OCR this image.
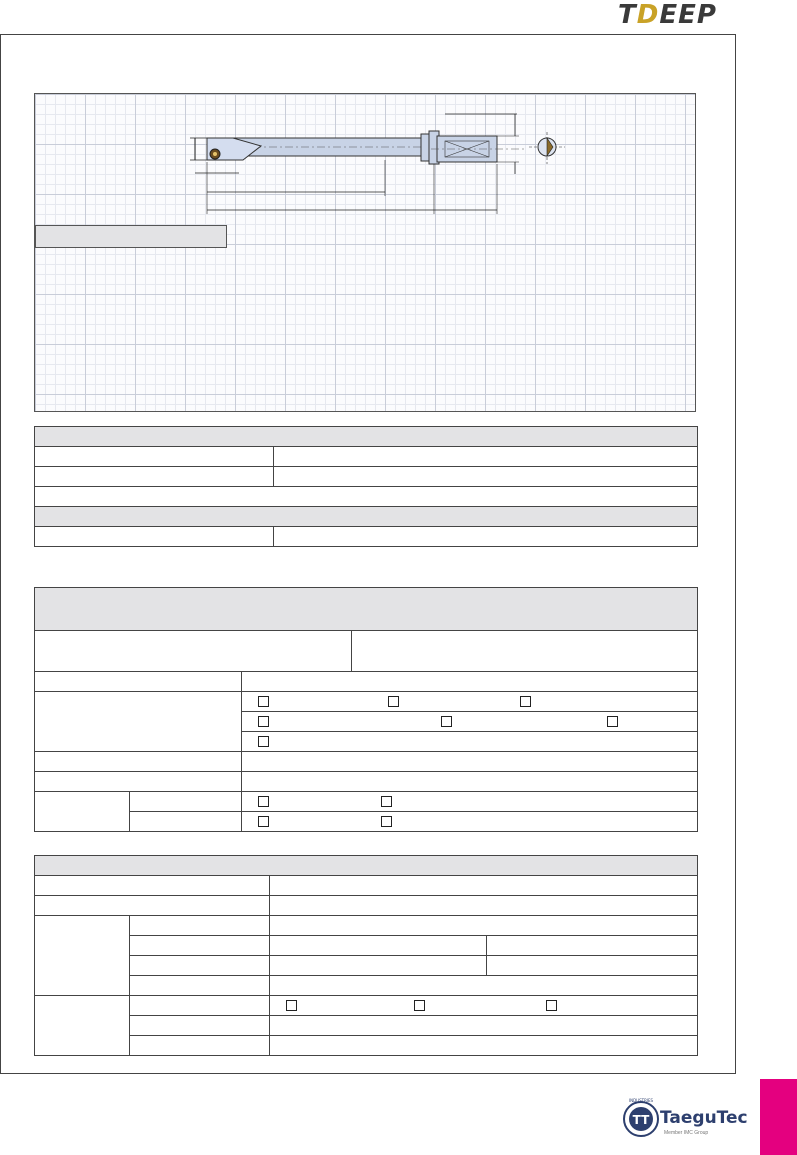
TDEEP

TT
INDUSTRIES
TaeguTec
Member IMC Group
